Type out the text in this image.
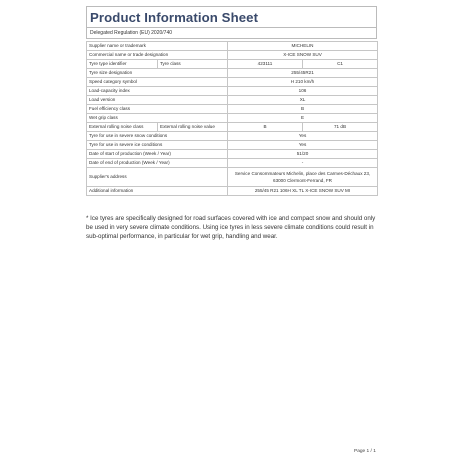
Product Information Sheet
Delegated Regulation (EU) 2020/740
Supplier name or trademark		MICHELIN	
Commercial name or trade designation		X-ICE SNOW SUV	
Tyre type identifier	Tyre class	423111	C1
Tyre size designation		255/45R21	
Speed category symbol		H 210 km/h	
Load-capacity index		106	
Load version		XL	
Fuel efficiency class		B	
Wet grip class		E	
External rolling noise class	External rolling noise value	B	71 dB
Tyre for use in severe snow conditions		Yes	
Tyre for use in severe ice conditions		Yes	
Date of start of production (Week / Year)		51/20	
Date of end of production (Week / Year)		-	
Supplier's address		Service Consommateurs Michelin, place des Carmes-Déchaux 23, 63000 Clermont-Ferrand, FR	
Additional information		255/45 R21 106H XL TL X-ICE SNOW SUV MI	
* Ice tyres are specifically designed for road surfaces covered with ice and compact snow and should only be used in very severe climate conditions. Using ice tyres in less severe climate conditions could result in sub-optimal performance, in particular for wet grip, handling and wear.
Page 1 / 1
